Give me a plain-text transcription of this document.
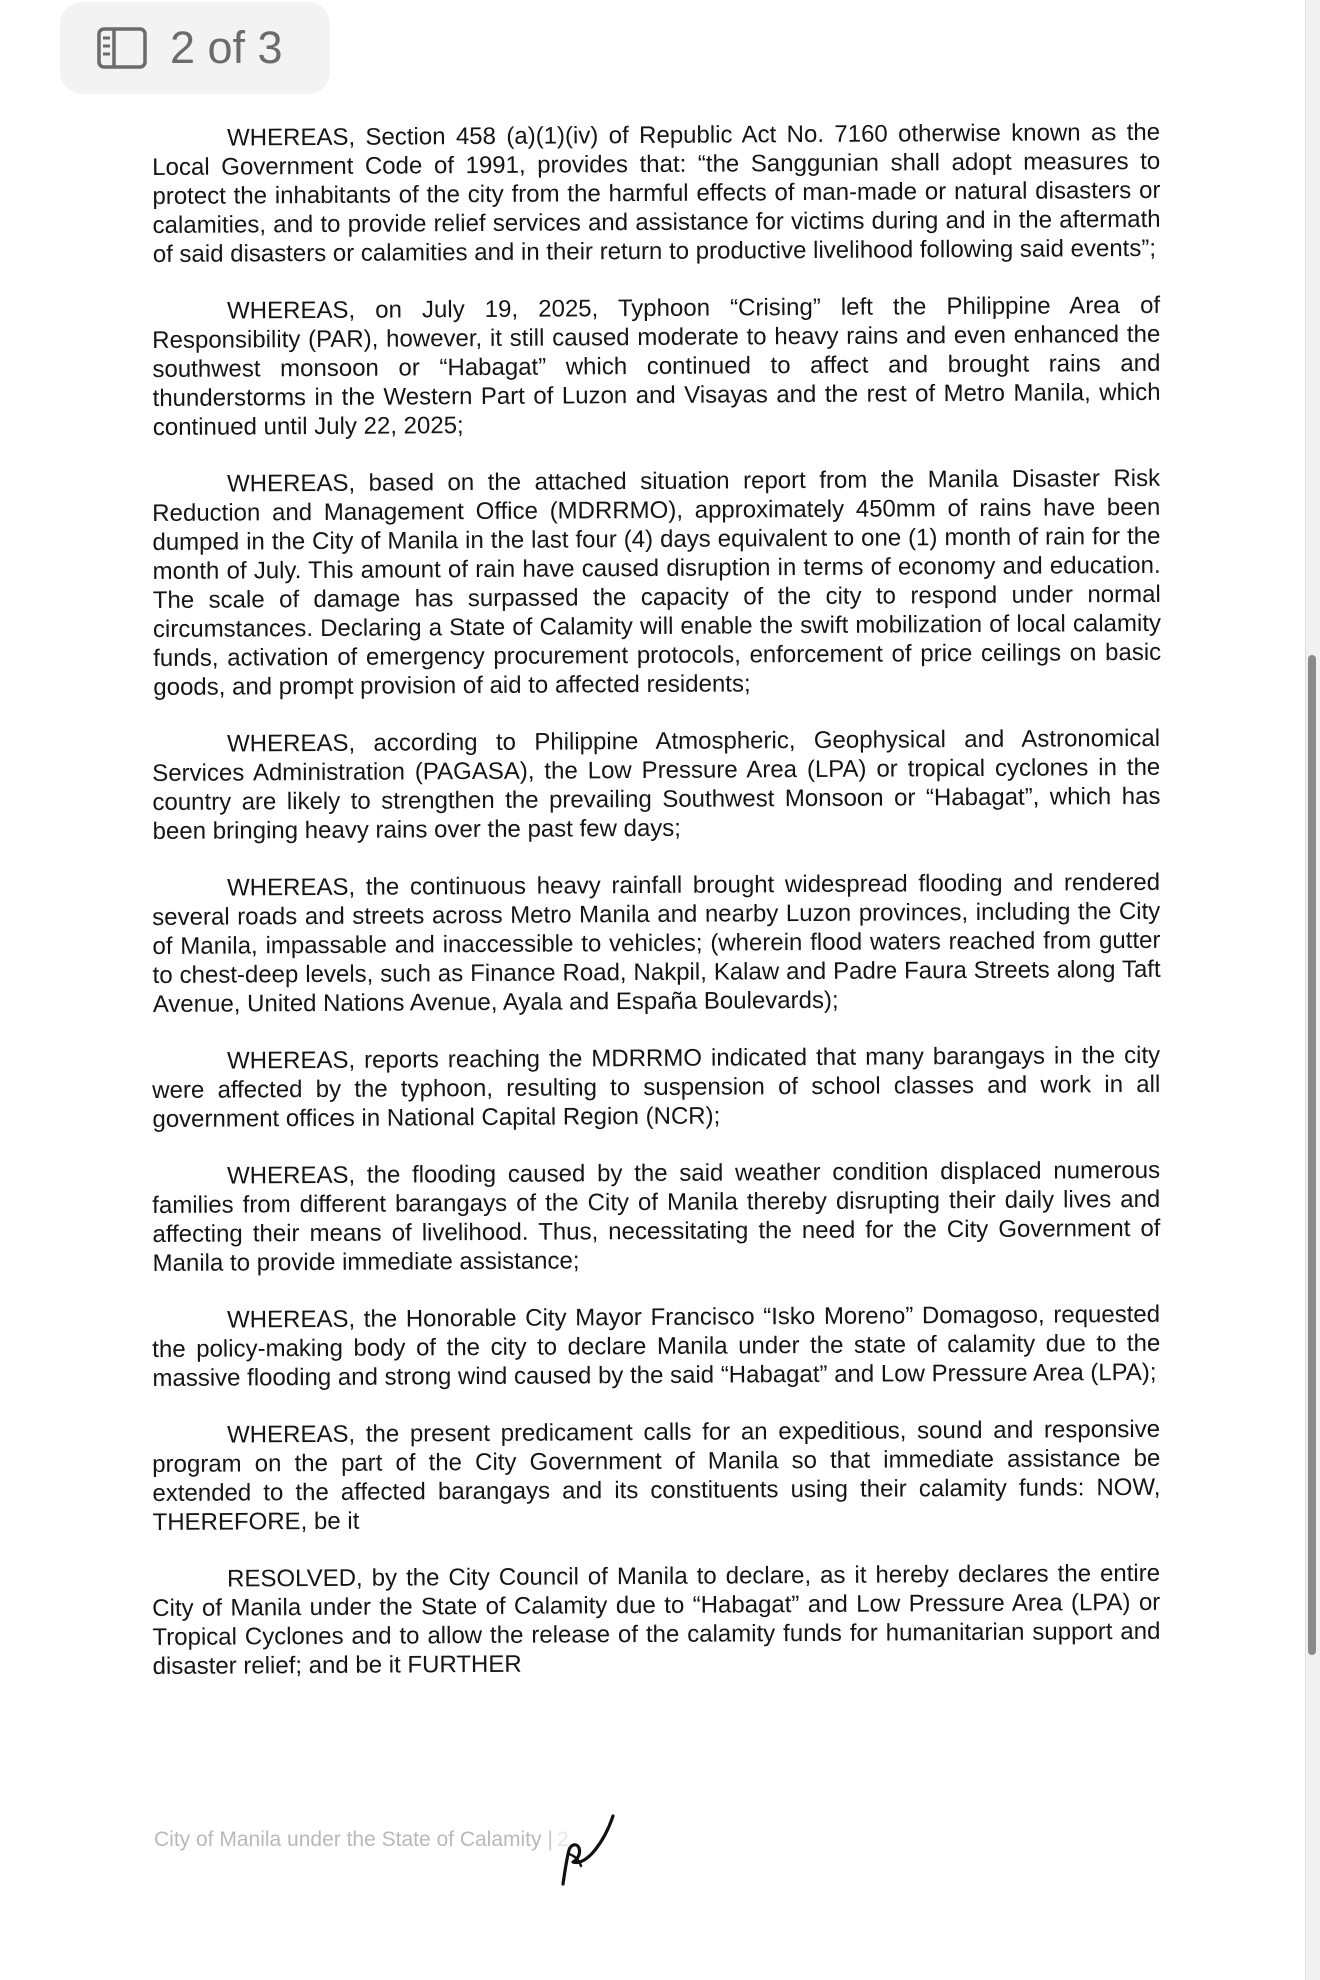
2 of 3

WHEREAS, Section 458 (a)(1)(iv) of Republic Act No. 7160 otherwise known as the Local Government Code of 1991, provides that: “the Sanggunian shall adopt measures to protect the inhabitants of the city from the harmful effects of man-made or natural disasters or calamities, and to provide relief services and assistance for victims during and in the aftermath of said disasters or calamities and in their return to productive livelihood following said events”;

WHEREAS, on July 19, 2025, Typhoon “Crising” left the Philippine Area of Responsibility (PAR), however, it still caused moderate to heavy rains and even enhanced the southwest monsoon or “Habagat” which continued to affect and brought rains and thunderstorms in the Western Part of Luzon and Visayas and the rest of Metro Manila, which continued until July 22, 2025;

WHEREAS, based on the attached situation report from the Manila Disaster Risk Reduction and Management Office (MDRRMO), approximately 450mm of rains have been dumped in the City of Manila in the last four (4) days equivalent to one (1) month of rain for the month of July. This amount of rain have caused disruption in terms of economy and education. The scale of damage has surpassed the capacity of the city to respond under normal circumstances. Declaring a State of Calamity will enable the swift mobilization of local calamity funds, activation of emergency procurement protocols, enforcement of price ceilings on basic goods, and prompt provision of aid to affected residents;

WHEREAS, according to Philippine Atmospheric, Geophysical and Astronomical Services Administration (PAGASA), the Low Pressure Area (LPA) or tropical cyclones in the country are likely to strengthen the prevailing Southwest Monsoon or “Habagat”, which has been bringing heavy rains over the past few days;

WHEREAS, the continuous heavy rainfall brought widespread flooding and rendered several roads and streets across Metro Manila and nearby Luzon provinces, including the City of Manila, impassable and inaccessible to vehicles; (wherein flood waters reached from gutter to chest-deep levels, such as Finance Road, Nakpil, Kalaw and Padre Faura Streets along Taft Avenue, United Nations Avenue, Ayala and España Boulevards);

WHEREAS, reports reaching the MDRRMO indicated that many barangays in the city were affected by the typhoon, resulting to suspension of school classes and work in all government offices in National Capital Region (NCR);

WHEREAS, the flooding caused by the said weather condition displaced numerous families from different barangays of the City of Manila thereby disrupting their daily lives and affecting their means of livelihood. Thus, necessitating the need for the City Government of Manila to provide immediate assistance;

WHEREAS, the Honorable City Mayor Francisco “Isko Moreno” Domagoso, requested the policy-making body of the city to declare Manila under the state of calamity due to the massive flooding and strong wind caused by the said “Habagat” and Low Pressure Area (LPA);

WHEREAS, the present predicament calls for an expeditious, sound and responsive program on the part of the City Government of Manila so that immediate assistance be extended to the affected barangays and its constituents using their calamity funds: NOW, THEREFORE, be it

RESOLVED, by the City Council of Manila to declare, as it hereby declares the entire City of Manila under the State of Calamity due to “Habagat” and Low Pressure Area (LPA) or Tropical Cyclones and to allow the release of the calamity funds for humanitarian support and disaster relief; and be it FURTHER

City of Manila under the State of Calamity | 2
